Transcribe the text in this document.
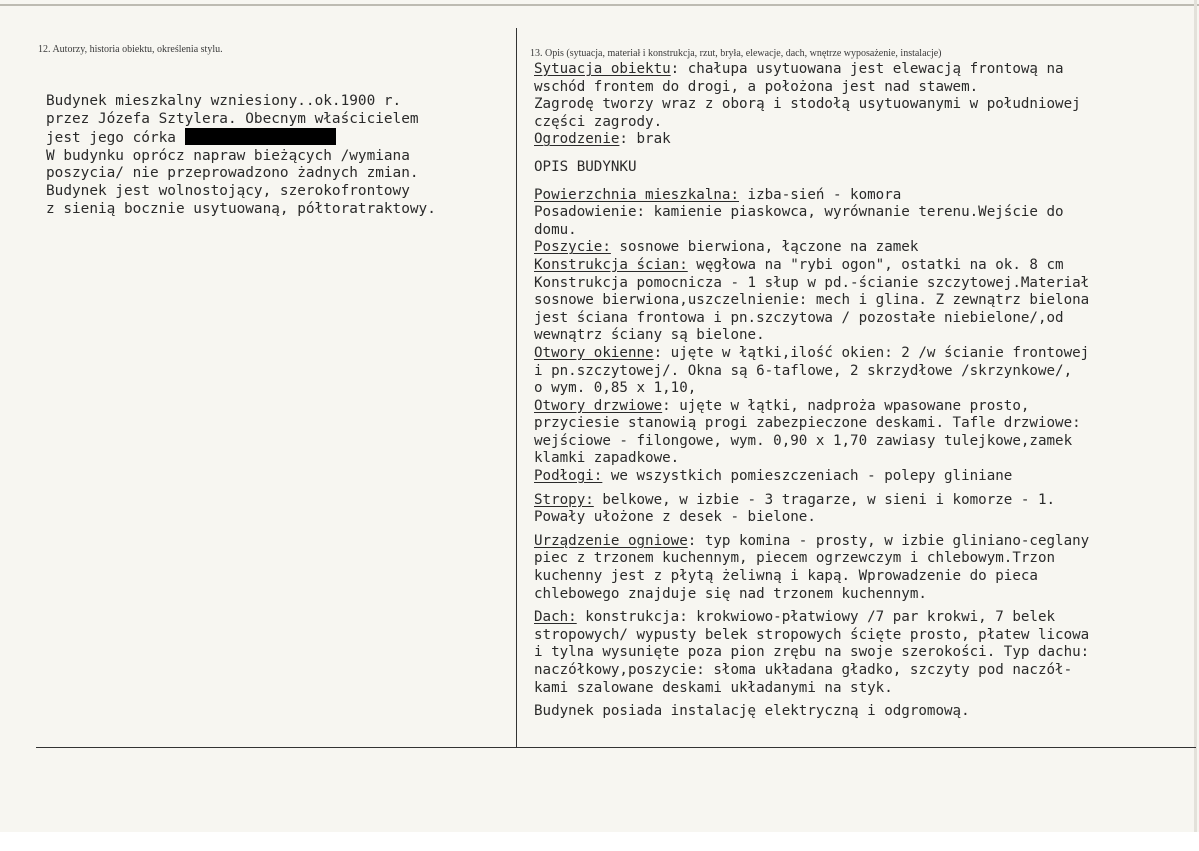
12. Autorzy, historia obiektu, określenia stylu.	13. Opis (sytuacja, materiał i konstrukcja, rzut, bryła, elewacje, dach, wnętrze wyposażenie, instalacje)
Budynek mieszkalny wzniesiony..ok.1900 r.
przez Józefa Sztylera. Obecnym właścicielem
jest jego córka
W budynku oprócz napraw bieżących /wymiana
poszycia/ nie przeprowadzono żadnych zmian.
Budynek jest wolnostojący, szerokofrontowy
z sienią bocznie usytuowaną, półtoratraktowy.
Sytuacja obiektu: chałupa usytuowana jest elewacją frontową na
wschód frontem do drogi, a położona jest nad stawem.
Zagrodę tworzy wraz z oborą i stodołą usytuowanymi w południowej
części zagrody.
Ogrodzenie: brak
OPIS BUDYNKU
Powierzchnia mieszkalna: izba-sień - komora
Posadowienie: kamienie piaskowca, wyrównanie terenu.Wejście do
domu.
Poszycie: sosnowe bierwiona, łączone na zamek
Konstrukcja ścian: węgłowa na "rybi ogon", ostatki na ok. 8 cm
Konstrukcja pomocnicza - 1 słup w pd.-ścianie szczytowej.Materiał
sosnowe bierwiona,uszczelnienie: mech i glina. Z zewnątrz bielona
jest ściana frontowa i pn.szczytowa / pozostałe niebielone/,od
wewnątrz ściany są bielone.
Otwory okienne: ujęte w łątki,ilość okien: 2 /w ścianie frontowej
i pn.szczytowej/. Okna są 6-taflowe, 2 skrzydłowe /skrzynkowe/,
o wym. 0,85 x 1,10,
Otwory drzwiowe: ujęte w łątki, nadproża wpasowane prosto,
przyciesie stanowią progi zabezpieczone deskami. Tafle drzwiowe:
wejściowe - filongowe, wym. 0,90 x 1,70 zawiasy tulejkowe,zamek
klamki zapadkowe.
Podłogi: we wszystkich pomieszczeniach - polepy gliniane
Stropy: belkowe, w izbie - 3 tragarze, w sieni i komorze - 1.
Powały ułożone z desek - bielone.
Urządzenie ogniowe: typ komina - prosty, w izbie gliniano-ceglany
piec z trzonem kuchennym, piecem ogrzewczym i chlebowym.Trzon
kuchenny jest z płytą żeliwną i kapą. Wprowadzenie do pieca
chlebowego znajduje się nad trzonem kuchennym.
Dach: konstrukcja: krokwiowo-płatwiowy /7 par krokwi, 7 belek
stropowych/ wypusty belek stropowych ścięte prosto, płatew licowa
i tylna wysunięte poza pion zrębu na swoje szerokości. Typ dachu:
naczółkowy,poszycie: słoma układana gładko, szczyty pod naczół-
kami szalowane deskami układanymi na styk.
Budynek posiada instalację elektryczną i odgromową.
